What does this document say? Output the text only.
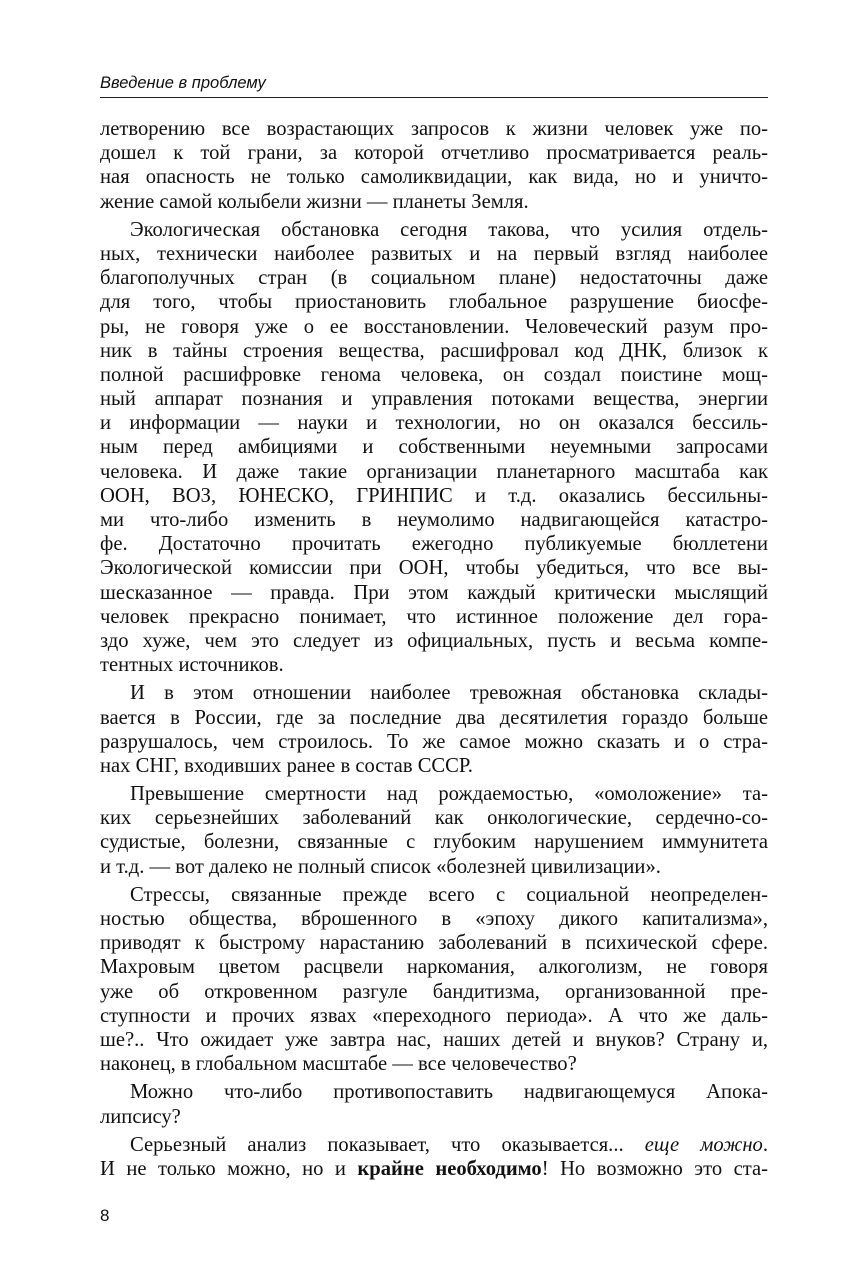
Введение в проблему
летворению все возрастающих запросов к жизни человек уже по-
дошел к той грани, за которой отчетливо просматривается реаль-
ная опасность не только самоликвидации, как вида, но и уничто-
жение самой колыбели жизни — планеты Земля.
Экологическая обстановка сегодня такова, что усилия отдель-
ных, технически наиболее развитых и на первый взгляд наиболее
благополучных стран (в социальном плане) недостаточны даже
для того, чтобы приостановить глобальное разрушение биосфе-
ры, не говоря уже о ее восстановлении. Человеческий разум про-
ник в тайны строения вещества, расшифровал код ДНК, близок к
полной расшифровке генома человека, он создал поистине мощ-
ный аппарат познания и управления потоками вещества, энергии
и информации — науки и технологии, но он оказался бессиль-
ным перед амбициями и собственными неуемными запросами
человека. И даже такие организации планетарного масштаба как
ООН, ВОЗ, ЮНЕСКО, ГРИНПИС и т.д. оказались бессильны-
ми что-либо изменить в неумолимо надвигающейся катастро-
фе. Достаточно прочитать ежегодно публикуемые бюллетени
Экологической комиссии при ООН, чтобы убедиться, что все вы-
шесказанное — правда. При этом каждый критически мыслящий
человек прекрасно понимает, что истинное положение дел гора-
здо хуже, чем это следует из официальных, пусть и весьма компе-
тентных источников.
И в этом отношении наиболее тревожная обстановка склады-
вается в России, где за последние два десятилетия гораздо больше
разрушалось, чем строилось. То же самое можно сказать и о стра-
нах СНГ, входивших ранее в состав СССР.
Превышение смертности над рождаемостью, «омоложение» та-
ких серьезнейших заболеваний как онкологические, сердечно-со-
судистые, болезни, связанные с глубоким нарушением иммунитета
и т.д. — вот далеко не полный список «болезней цивилизации».
Стрессы, связанные прежде всего с социальной неопределен-
ностью общества, вброшенного в «эпоху дикого капитализма»,
приводят к быстрому нарастанию заболеваний в психической сфере.
Махровым цветом расцвели наркомания, алкоголизм, не говоря
уже об откровенном разгуле бандитизма, организованной пре-
ступности и прочих язвах «переходного периода». А что же даль-
ше?.. Что ожидает уже завтра нас, наших детей и внуков? Страну и,
наконец, в глобальном масштабе — все человечество?
Можно что-либо противопоставить надвигающемуся Апока-
липсису?
Серьезный анализ показывает, что оказывается... еще можно.
И не только можно, но и крайне необходимо! Но возможно это ста-
8
